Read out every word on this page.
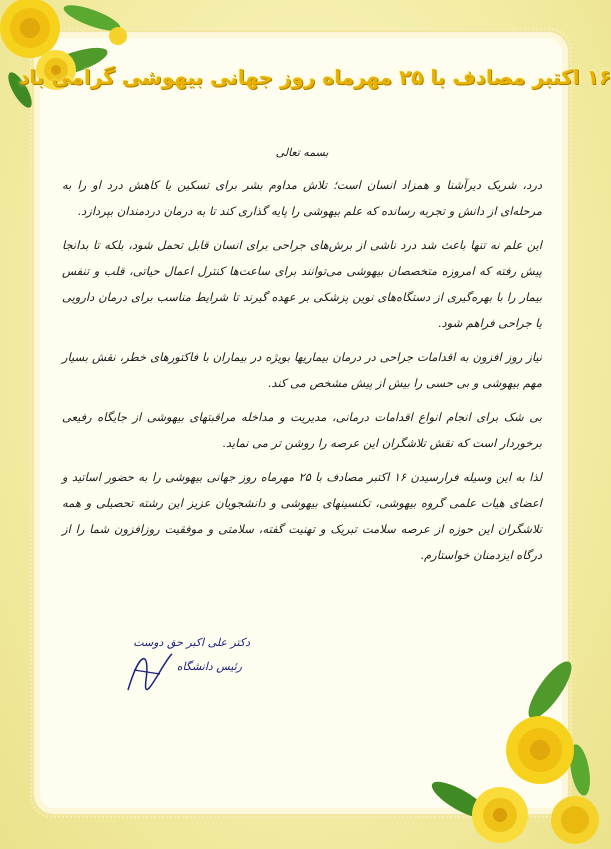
۱۶ اکتبر مصادف با ۲۵ مهرماه روز جهانی بیهوشی گرامی باد
بسمه تعالی

درد، شریک دیرآشنا و همزاد انسان است؛ تلاش مداوم بشر برای تسکین یا کاهش درد او را به مرحله‌ای از دانش و تجربه رسانده که علم بیهوشی را پایه گذاری کند تا به درمان دردمندان بپردازد.

این علم نه تنها باعث شد درد ناشی از برش‌های جراحی برای انسان قابل تحمل شود، بلکه تا بدانجا پیش رفته که امروزه متخصصان بیهوشی می‌توانند برای ساعت‌ها کنترل اعمال حیاتی، قلب و تنفس بیمار را با بهره‌گیری از دستگاه‌های نوین پزشکی بر عهده گیرند تا شرایط مناسب برای درمان دارویی یا جراحی فراهم شود.

نیاز روز افزون به اقدامات جراحی در درمان بیماریها بویژه در بیماران با فاکتورهای خطر، نقش بسیار مهم بیهوشی و بی حسی را بیش از پیش مشخص می کند.

بی شک برای انجام انواع اقدامات درمانی، مدیریت و مداخله مراقبتهای بیهوشی از جایگاه رفیعی برخوردار است که نقش تلاشگران این عرصه را روشن تر می نماید.

لذا به این وسیله فرارسیدن ۱۶ اکتبر مصادف با ۲۵ مهرماه روز جهانی بیهوشی را به حضور اساتید و اعضای هیات علمی گروه بیهوشی، تکنسینهای بیهوشی و دانشجویان عزیز این رشته تحصیلی و همه تلاشگران این حوزه از عرصه سلامت تبریک و تهنیت گفته، سلامتی و موفقیت روزافزون شما را از درگاه ایزدمنان خواستارم.

دکتر علی اکبر حق دوست
رئیس دانشگاه
